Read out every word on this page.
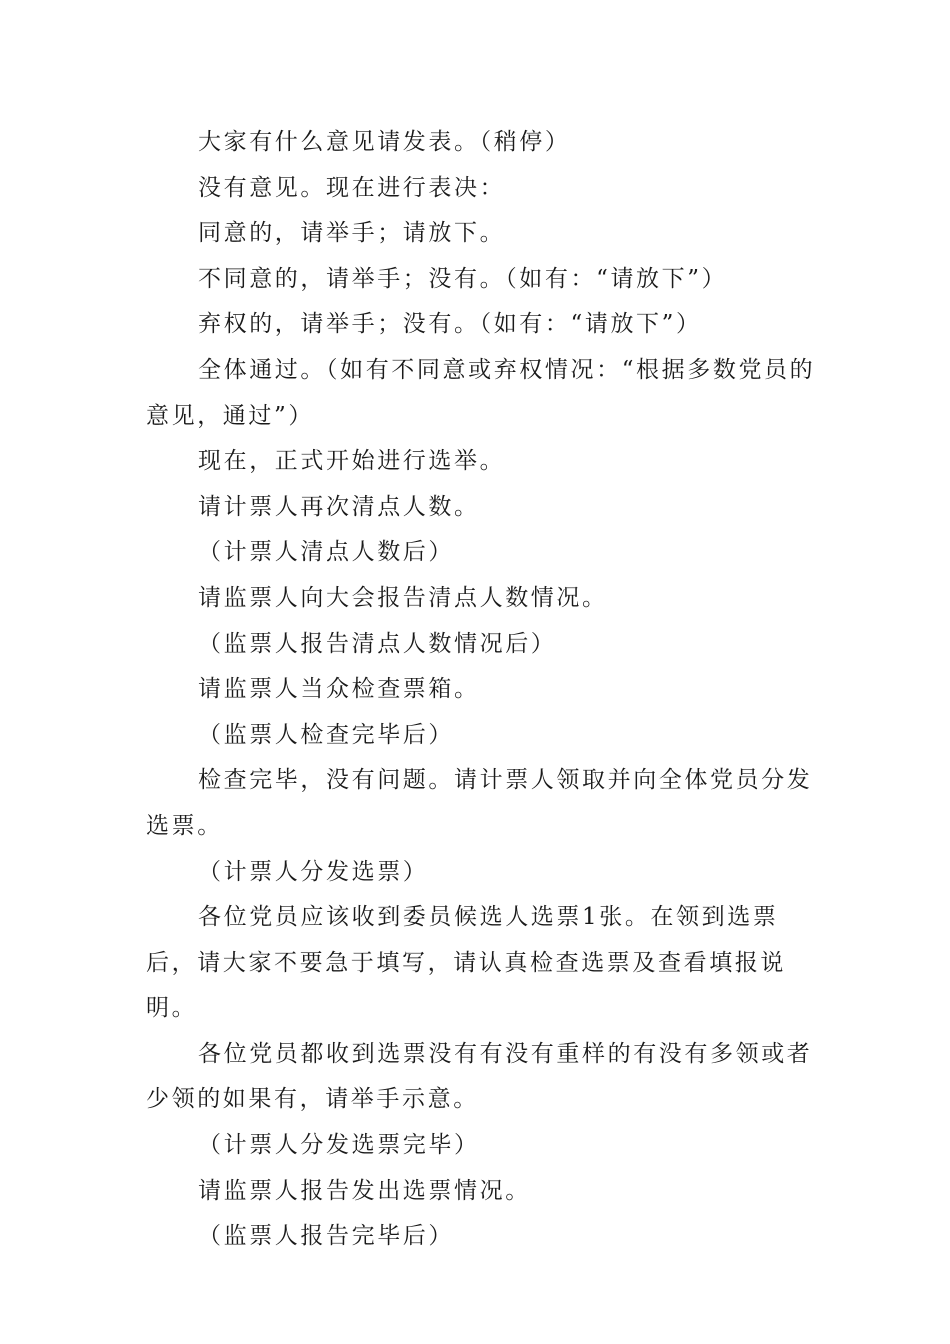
大家有什么意见请发表。（稍停）

没有意见。现在进行表决：

同意的，请举手；请放下。

不同意的，请举手；没有。（如有：“请放下”）

弃权的，请举手；没有。（如有：“请放下”）

全体通过。（如有不同意或弃权情况：“根据多数党员的意见，通过”）

现在，正式开始进行选举。

请计票人再次清点人数。

（计票人清点人数后）

请监票人向大会报告清点人数情况。

（监票人报告清点人数情况后）

请监票人当众检查票箱。

（监票人检查完毕后）

检查完毕，没有问题。请计票人领取并向全体党员分发选票。

（计票人分发选票）

各位党员应该收到委员候选人选票1张。在领到选票后，请大家不要急于填写，请认真检查选票及查看填报说明。

各位党员都收到选票没有有没有重样的有没有多领或者少领的如果有，请举手示意。

（计票人分发选票完毕）

请监票人报告发出选票情况。

（监票人报告完毕后）
